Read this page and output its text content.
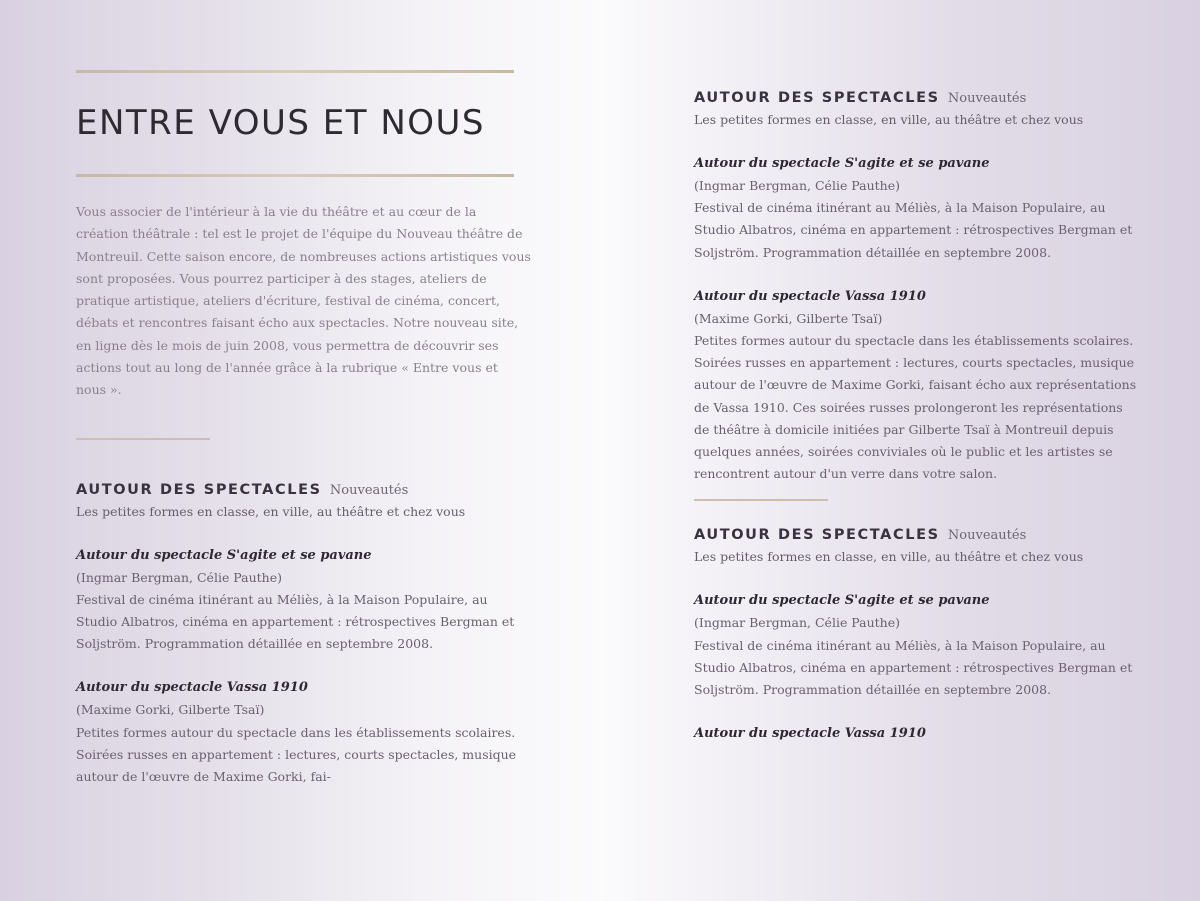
ENTRE VOUS ET NOUS

Vous associer de l'intérieur à la vie du théâtre et au cœur de la création théâtrale : tel est le projet de l'équipe du Nouveau théâtre de Montreuil. Cette saison encore, de nombreuses actions artistiques vous sont proposées. Vous pourrez participer à des stages, ateliers de pratique artistique, ateliers d'écriture, festival de cinéma, concert, débats et rencontres faisant écho aux spectacles. Notre nouveau site, en ligne dès le mois de juin 2008, vous permettra de découvrir ses actions tout au long de l'année grâce à la rubrique « Entre vous et nous ».

AUTOUR DES SPECTACLES Nouveautés
Les petites formes en classe, en ville, au théâtre et chez vous
Autour du spectacle S'agite et se pavane
(Ingmar Bergman, Célie Pauthe)
Festival de cinéma itinérant au Méliès, à la Maison Populaire, au Studio Albatros, cinéma en appartement : rétrospectives Bergman et Soljström. Programmation détaillée en septembre 2008.
Autour du spectacle Vassa 1910
(Maxime Gorki, Gilberte Tsaï)
Petites formes autour du spectacle dans les établissements scolaires. Soirées russes en appartement : lectures, courts spectacles, musique autour de l'œuvre de Maxime Gorki, fai-
AUTOUR DES SPECTACLES Nouveautés
Les petites formes en classe, en ville, au théâtre et chez vous
Autour du spectacle S'agite et se pavane
(Ingmar Bergman, Célie Pauthe)
Festival de cinéma itinérant au Méliès, à la Maison Populaire, au Studio Albatros, cinéma en appartement : rétrospectives Bergman et Soljström. Programmation détaillée en septembre 2008.
Autour du spectacle Vassa 1910
(Maxime Gorki, Gilberte Tsaï)
Petites formes autour du spectacle dans les établissements scolaires. Soirées russes en appartement : lectures, courts spectacles, musique autour de l'œuvre de Maxime Gorki, faisant écho aux représentations de Vassa 1910. Ces soirées russes prolongeront les représentations de théâtre à domicile initiées par Gilberte Tsaï à Montreuil depuis quelques années, soirées conviviales où le public et les artistes se rencontrent autour d'un verre dans votre salon.
AUTOUR DES SPECTACLES Nouveautés
Les petites formes en classe, en ville, au théâtre et chez vous
Autour du spectacle S'agite et se pavane
(Ingmar Bergman, Célie Pauthe)
Festival de cinéma itinérant au Méliès, à la Maison Populaire, au Studio Albatros, cinéma en appartement : rétrospectives Bergman et Soljström. Programmation détaillée en septembre 2008.
Autour du spectacle Vassa 1910
